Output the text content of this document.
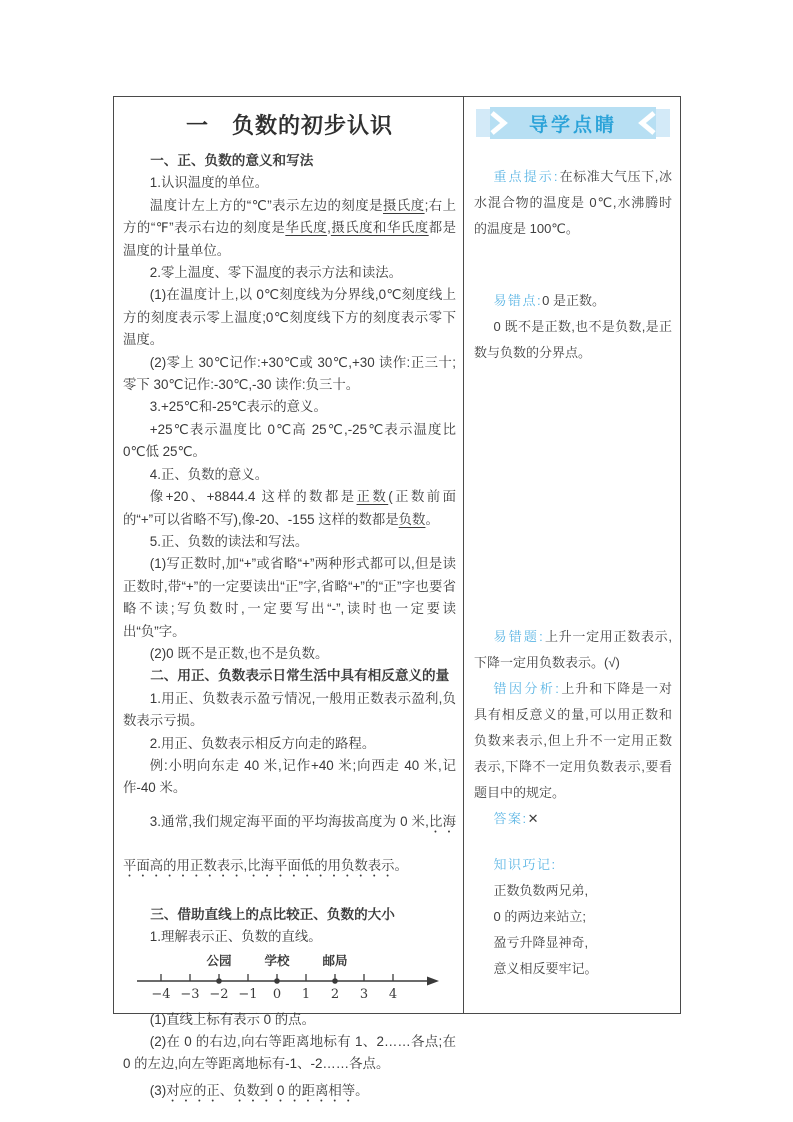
一　负数的初步认识
一、正、负数的意义和写法
1.认识温度的单位。
温度计左上方的“℃”表示左边的刻度是摄氏度;右上方的“℉”表示右边的刻度是华氏度,摄氏度和华氏度都是温度的计量单位。
2.零上温度、零下温度的表示方法和读法。
(1)在温度计上,以 0℃刻度线为分界线,0℃刻度线上方的刻度表示零上温度;0℃刻度线下方的刻度表示零下温度。
(2)零上 30℃记作:+30℃或 30℃,+30 读作:正三十;零下 30℃记作:-30℃,-30 读作:负三十。
3.+25℃和-25℃表示的意义。
+25℃表示温度比 0℃高 25℃,-25℃表示温度比 0℃低 25℃。
4.正、负数的意义。
像+20、+8844.4 这样的数都是正数(正数前面的“+”可以省略不写),像-20、-155 这样的数都是负数。
5.正、负数的读法和写法。
(1)写正数时,加“+”或省略“+”两种形式都可以,但是读正数时,带“+”的一定要读出“正”字,省略“+”的“正”字也要省略不读;写负数时,一定要写出“-”,读时也一定要读出“负”字。
(2)0 既不是正数,也不是负数。
二、用正、负数表示日常生活中具有相反意义的量
1.用正、负数表示盈亏情况,一般用正数表示盈利,负数表示亏损。
2.用正、负数表示相反方向走的路程。
例:小明向东走 40 米,记作+40 米;向西走 40 米,记作-40 米。
3.通常,我们规定海平面的平均海拔高度为 0 米,比海平面高的用正数表示,比海平面低的用负数表示。
三、借助直线上的点比较正、负数的大小
1.理解表示正、负数的直线。
−4 −3 −2 −1 0 1 2 3 4
公园	学校	邮局
(1)直线上标有表示 0 的点。
(2)在 0 的右边,向右等距离地标有 1、2……各点;在 0 的左边,向左等距离地标有-1、-2……各点。
(3)对应的正、负数到 0 的距离相等。
导学点睛
重点提示:在标准大气压下,冰水混合物的温度是 0℃,水沸腾时的温度是 100℃。
易错点:0 是正数。
0 既不是正数,也不是负数,是正数与负数的分界点。
易错题:上升一定用正数表示,下降一定用负数表示。(√)
错因分析:上升和下降是一对具有相反意义的量,可以用正数和负数来表示,但上升不一定用正数表示,下降不一定用负数表示,要看题目中的规定。
答案:✕
知识巧记:
正数负数两兄弟,
0 的两边来站立;
盈亏升降显神奇,
意义相反要牢记。
